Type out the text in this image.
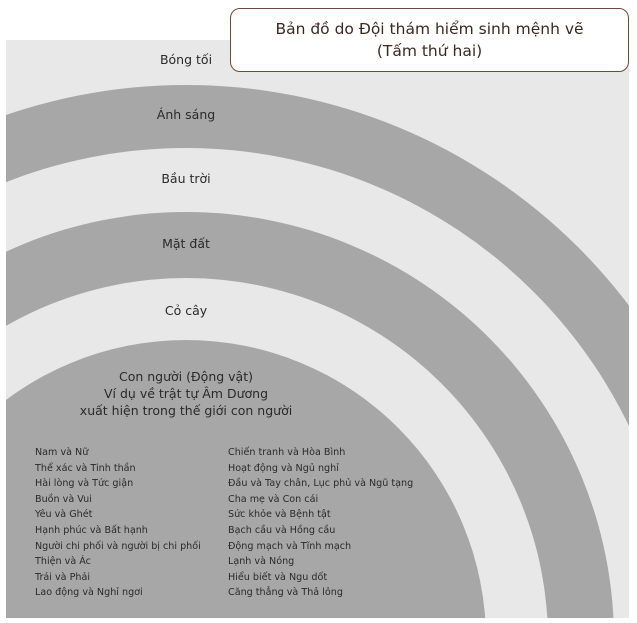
Bóng tối
Ánh sáng
Bầu trời
Mặt đất
Cỏ cây
Bản đồ do Đội thám hiểm sinh mệnh vẽ
(Tấm thứ hai)
Con người (Động vật)
Ví dụ về trật tự Âm Dương
xuất hiện trong thế giới con người
Nam và Nữ
Thể xác và Tinh thần
Hài lòng và Tức giận
Buồn và Vui
Yêu và Ghét
Hạnh phúc và Bất hạnh
Người chi phối và người bị chi phối
Thiện và Ác
Trái và Phải
Lao động và Nghỉ ngơi
Chiến tranh và Hòa Bình
Hoạt động và Ngủ nghỉ
Đầu và Tay chân, Lục phủ và Ngũ tạng
Cha mẹ và Con cái
Sức khỏe và Bệnh tật
Bạch cầu và Hồng cầu
Động mạch và Tĩnh mạch
Lạnh và Nóng
Hiểu biết và Ngu dốt
Căng thẳng và Thả lỏng
